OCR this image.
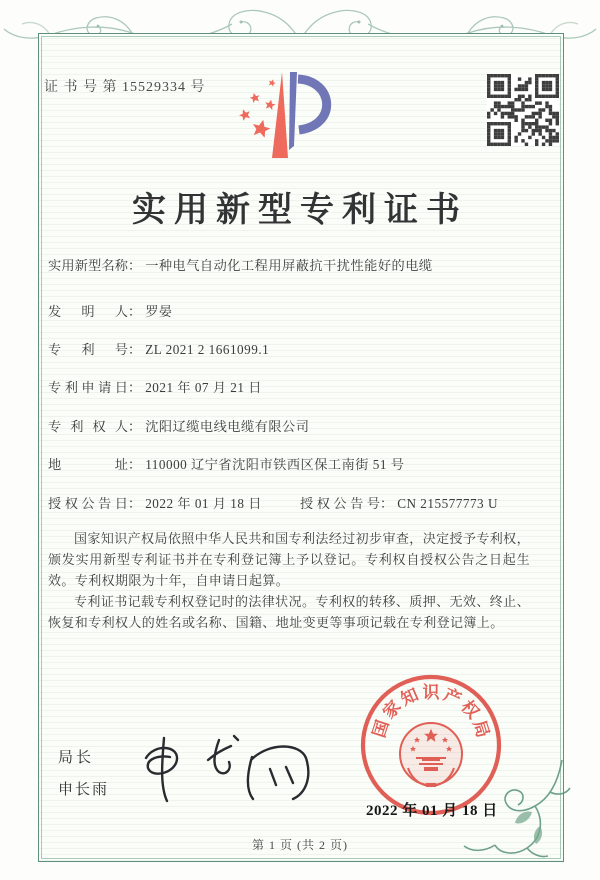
证 书 号 第 15529334 号
实用新型专利证书
实用新型名称： 一种电气自动化工程用屏蔽抗干扰性能好的电缆
发明人： 罗晏
专利号： ZL 2021 2 1661099.1
专利申请日： 2021 年 07 月 21 日
专利权人： 沈阳辽缆电线电缆有限公司
地址： 110000 辽宁省沈阳市铁西区保工南街 51 号
授权公告日： 2022 年 01 月 18 日	授权公告号： CN 215577773 U

国家知识产权局依照中华人民共和国专利法经过初步审查，决定授予专利权，颁发实用新型专利证书并在专利登记簿上予以登记。专利权自授权公告之日起生效。专利权期限为十年，自申请日起算。

专利证书记载专利权登记时的法律状况。专利权的转移、质押、无效、终止、恢复和专利权人的姓名或名称、国籍、地址变更等事项记载在专利登记簿上。

局长
申长雨
国
家
知 识 产
权
局
2022 年 01 月 18 日
第 1 页 (共 2 页)
